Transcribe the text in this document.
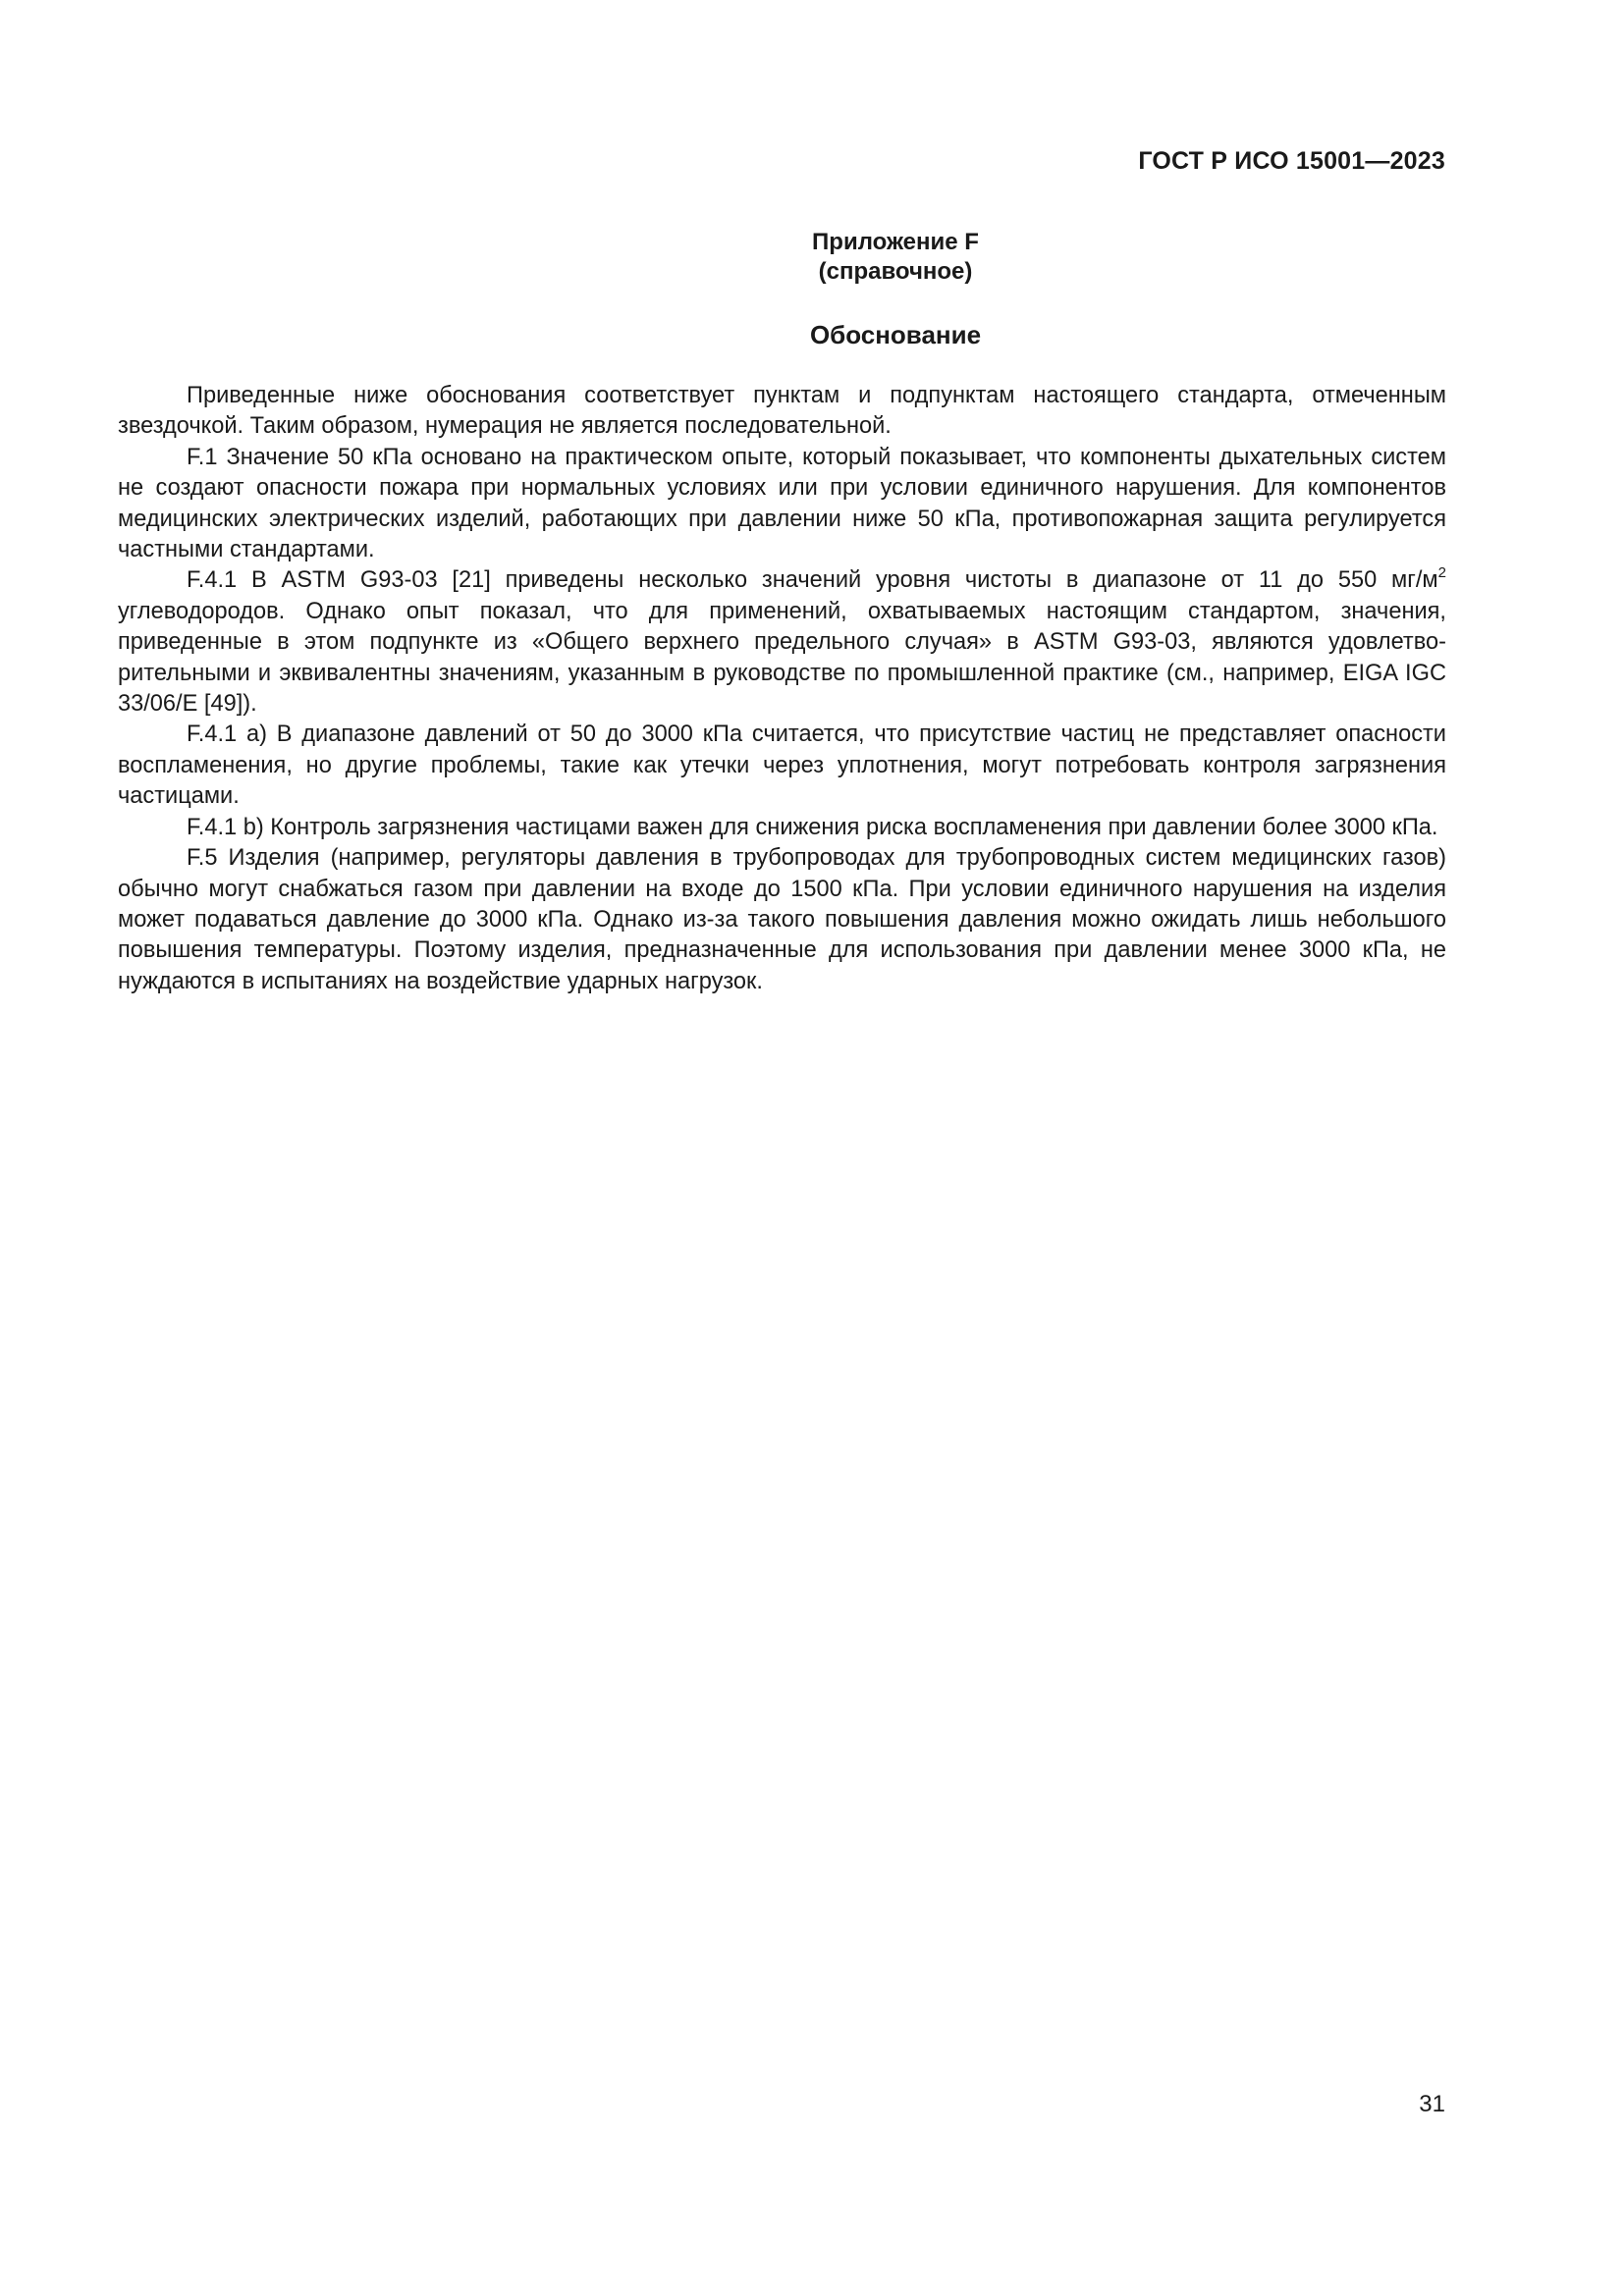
ГОСТ Р ИСО 15001—2023
Приложение F
(справочное)
Обоснование

Приведенные ниже обоснования соответствует пунктам и подпунктам настоящего стандарта, отмеченным звездочкой. Таким образом, нумерация не является последовательной.

F.1 Значение 50 кПа основано на практическом опыте, который показывает, что компоненты дыхательных систем не создают опасности пожара при нормальных условиях или при условии единичного нарушения. Для компонентов медицинских электрических изделий, работающих при давлении ниже 50 кПа, противопожарная защита регулируется частными стандартами.

F.4.1 В ASTM G93-03 [21] приведены несколько значений уровня чистоты в диапазоне от 11 до 550 $мг/м^2$ углеводородов. Однако опыт показал, что для применений, охватываемых настоящим стандартом, значения, приведенные в этом подпункте из «Общего верхнего предельного случая» в ASTM G93-03, являются удовлетворительными и эквивалентны значениям, указанным в руководстве по промышленной практике (см., например, EIGA IGC 33/06/E [49]).

F.4.1 a) В диапазоне давлений от 50 до 3000 кПа считается, что присутствие частиц не представляет опасности воспламенения, но другие проблемы, такие как утечки через уплотнения, могут потребовать контроля загрязнения частицами.

F.4.1 b) Контроль загрязнения частицами важен для снижения риска воспламенения при давлении более 3000 кПа.

F.5 Изделия (например, регуляторы давления в трубопроводах для трубопроводных систем медицинских газов) обычно могут снабжаться газом при давлении на входе до 1500 кПа. При условии единичного нарушения на изделия может подаваться давление до 3000 кПа. Однако из-за такого повышения давления можно ожидать лишь небольшого повышения температуры. Поэтому изделия, предназначенные для использования при давлении менее 3000 кПа, не нуждаются в испытаниях на воздействие ударных нагрузок.

31
